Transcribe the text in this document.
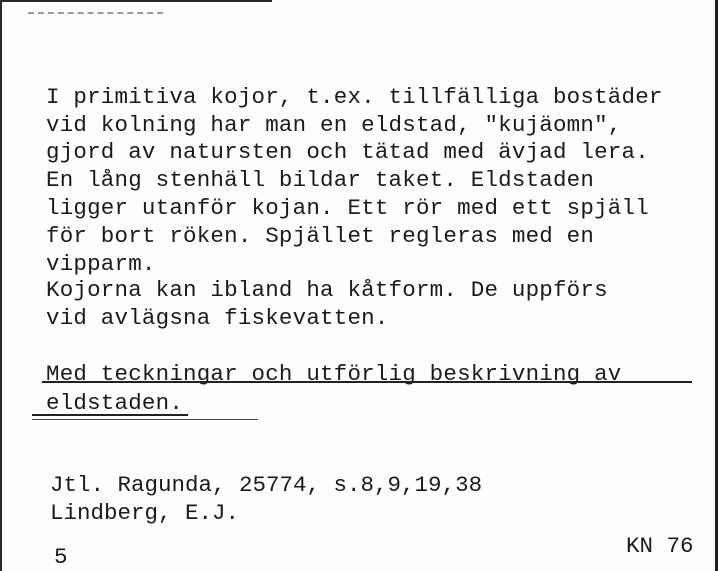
I primitiva kojor, t.ex. tillfälliga bostäder
vid kolning har man en eldstad, "kujäomn",
gjord av natursten och tätad med ävjad lera.
En lång stenhäll bildar taket. Eldstaden
ligger utanför kojan. Ett rör med ett spjäll
för bort röken. Spjället regleras med en
vipparm.
Kojorna kan ibland ha kåtform. De uppförs
vid avlägsna fiskevatten.
Med teckningar och utförlig beskrivning av
eldstaden.
Jtl. Ragunda, 25774, s.8,9,19,38
Lindberg, E.J.
5	KN 76
